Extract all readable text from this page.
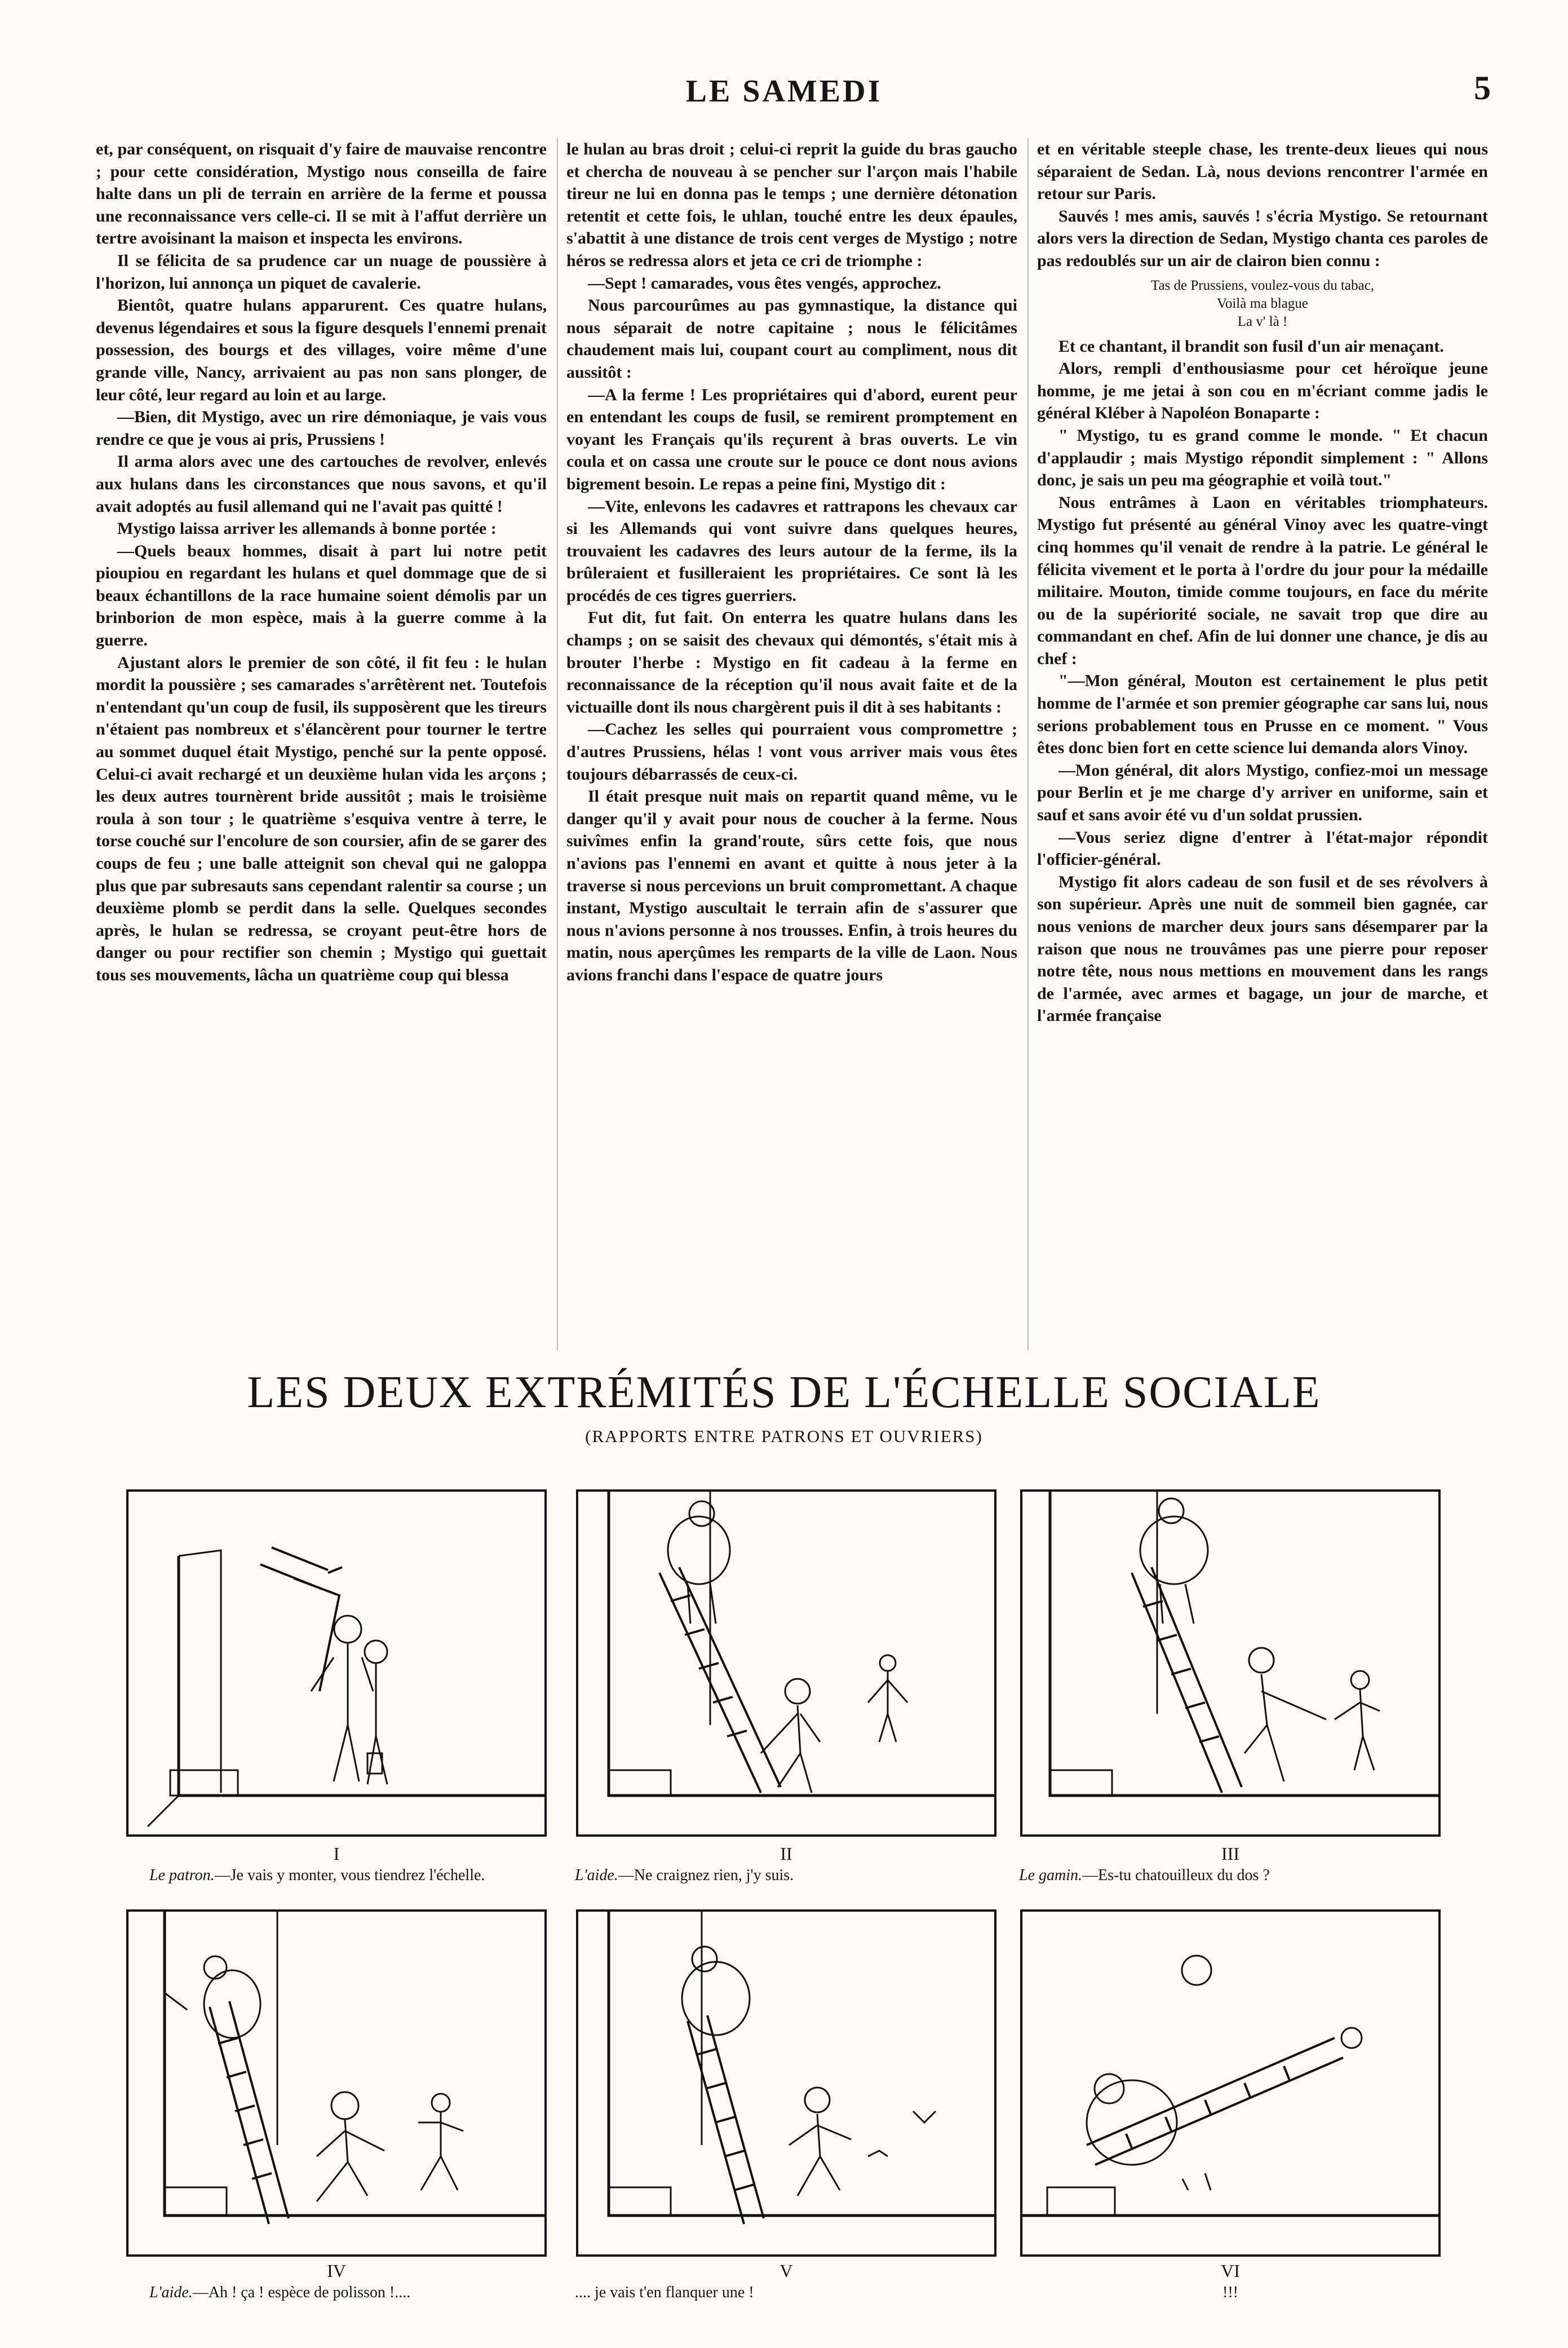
LE SAMEDI	5

et, par conséquent, on risquait d'y faire de mauvaise rencontre ; pour cette considération, Mystigo nous conseilla de faire halte dans un pli de terrain en arrière de la ferme et poussa une reconnaissance vers celle-ci. Il se mit à l'affut derrière un tertre avoisinant la maison et inspecta les environs.

Il se félicita de sa prudence car un nuage de poussière à l'horizon, lui annonça un piquet de cavalerie.

Bientôt, quatre hulans apparurent. Ces quatre hulans, devenus légendaires et sous la figure desquels l'ennemi prenait possession, des bourgs et des villages, voire même d'une grande ville, Nancy, arrivaient au pas non sans plonger, de leur côté, leur regard au loin et au large.

—Bien, dit Mystigo, avec un rire démoniaque, je vais vous rendre ce que je vous ai pris, Prussiens !

Il arma alors avec une des cartouches de revolver, enlevés aux hulans dans les circonstances que nous savons, et qu'il avait adoptés au fusil allemand qui ne l'avait pas quitté !

Mystigo laissa arriver les allemands à bonne portée :

—Quels beaux hommes, disait à part lui notre petit pioupiou en regardant les hulans et quel dommage que de si beaux échantillons de la race humaine soient démolis par un brinborion de mon espèce, mais à la guerre comme à la guerre.

Ajustant alors le premier de son côté, il fit feu : le hulan mordit la poussière ; ses camarades s'arrêtèrent net. Toutefois n'entendant qu'un coup de fusil, ils supposèrent que les tireurs n'étaient pas nombreux et s'élancèrent pour tourner le tertre au sommet duquel était Mystigo, penché sur la pente opposé. Celui-ci avait rechargé et un deuxième hulan vida les arçons ; les deux autres tournèrent bride aussitôt ; mais le troisième roula à son tour ; le quatrième s'esquiva ventre à terre, le torse couché sur l'encolure de son coursier, afin de se garer des coups de feu ; une balle atteignit son cheval qui ne galoppa plus que par subresauts sans cependant ralentir sa course ; un deuxième plomb se perdit dans la selle. Quelques secondes après, le hulan se redressa, se croyant peut-être hors de danger ou pour rectifier son chemin ; Mystigo qui guettait tous ses mouvements, lâcha un quatrième coup qui blessa

le hulan au bras droit ; celui-ci reprit la guide du bras gaucho et chercha de nouveau à se pencher sur l'arçon mais l'habile tireur ne lui en donna pas le temps ; une dernière détonation retentit et cette fois, le uhlan, touché entre les deux épaules, s'abattit à une distance de trois cent verges de Mystigo ; notre héros se redressa alors et jeta ce cri de triomphe :

—Sept ! camarades, vous êtes vengés, approchez.

Nous parcourûmes au pas gymnastique, la distance qui nous séparait de notre capitaine ; nous le félicitâmes chaudement mais lui, coupant court au compliment, nous dit aussitôt :

—A la ferme ! Les propriétaires qui d'abord, eurent peur en entendant les coups de fusil, se remirent promptement en voyant les Français qu'ils reçurent à bras ouverts. Le vin coula et on cassa une croute sur le pouce ce dont nous avions bigrement besoin. Le repas a peine fini, Mystigo dit :

—Vite, enlevons les cadavres et rattrapons les chevaux car si les Allemands qui vont suivre dans quelques heures, trouvaient les cadavres des leurs autour de la ferme, ils la brûleraient et fusilleraient les propriétaires. Ce sont là les procédés de ces tigres guerriers.

Fut dit, fut fait. On enterra les quatre hulans dans les champs ; on se saisit des chevaux qui démontés, s'était mis à brouter l'herbe : Mystigo en fit cadeau à la ferme en reconnaissance de la réception qu'il nous avait faite et de la victuaille dont ils nous chargèrent puis il dit à ses habitants :

—Cachez les selles qui pourraient vous compromettre ; d'autres Prussiens, hélas ! vont vous arriver mais vous êtes toujours débarrassés de ceux-ci.

Il était presque nuit mais on repartit quand même, vu le danger qu'il y avait pour nous de coucher à la ferme. Nous suivîmes enfin la grand'route, sûrs cette fois, que nous n'avions pas l'ennemi en avant et quitte à nous jeter à la traverse si nous percevions un bruit compromettant. A chaque instant, Mystigo auscultait le terrain afin de s'assurer que nous n'avions personne à nos trousses. Enfin, à trois heures du matin, nous aperçûmes les remparts de la ville de Laon. Nous avions franchi dans l'espace de quatre jours

et en véritable steeple chase, les trente-deux lieues qui nous séparaient de Sedan. Là, nous devions rencontrer l'armée en retour sur Paris.

Sauvés ! mes amis, sauvés ! s'écria Mystigo. Se retournant alors vers la direction de Sedan, Mystigo chanta ces paroles de pas redoublés sur un air de clairon bien connu :

Tas de Prussiens, voulez-vous du tabac,
Voilà ma blague
La v' là !

Et ce chantant, il brandit son fusil d'un air menaçant.

Alors, rempli d'enthousiasme pour cet héroïque jeune homme, je me jetai à son cou en m'écriant comme jadis le général Kléber à Napoléon Bonaparte :

" Mystigo, tu es grand comme le monde. " Et chacun d'applaudir ; mais Mystigo répondit simplement : " Allons donc, je sais un peu ma géographie et voilà tout."

Nous entrâmes à Laon en véritables triomphateurs. Mystigo fut présenté au général Vinoy avec les quatre-vingt cinq hommes qu'il venait de rendre à la patrie. Le général le félicita vivement et le porta à l'ordre du jour pour la médaille militaire. Mouton, timide comme toujours, en face du mérite ou de la supériorité sociale, ne savait trop que dire au commandant en chef. Afin de lui donner une chance, je dis au chef :

"—Mon général, Mouton est certainement le plus petit homme de l'armée et son premier géographe car sans lui, nous serions probablement tous en Prusse en ce moment. " Vous êtes donc bien fort en cette science lui demanda alors Vinoy.

—Mon général, dit alors Mystigo, confiez-moi un message pour Berlin et je me charge d'y arriver en uniforme, sain et sauf et sans avoir été vu d'un soldat prussien.

—Vous seriez digne d'entrer à l'état-major répondit l'officier-général.

Mystigo fit alors cadeau de son fusil et de ses révolvers à son supérieur. Après une nuit de sommeil bien gagnée, car nous venions de marcher deux jours sans désemparer par la raison que nous ne trouvâmes pas une pierre pour reposer notre tête, nous nous mettions en mouvement dans les rangs de l'armée, avec armes et bagage, un jour de marche, et l'armée française

LES DEUX EXTRÉMITÉS DE L'ÉCHELLE SOCIALE
(RAPPORTS ENTRE PATRONS ET OUVRIERS)
I
Le patron.—Je vais y monter, vous tiendrez l'échelle.
II
L'aide.—Ne craignez rien, j'y suis.
III
Le gamin.—Es-tu chatouilleux du dos ?
IV
L'aide.—Ah ! ça ! espèce de polisson !....
V
.... je vais t'en flanquer une !
VI
!!!
